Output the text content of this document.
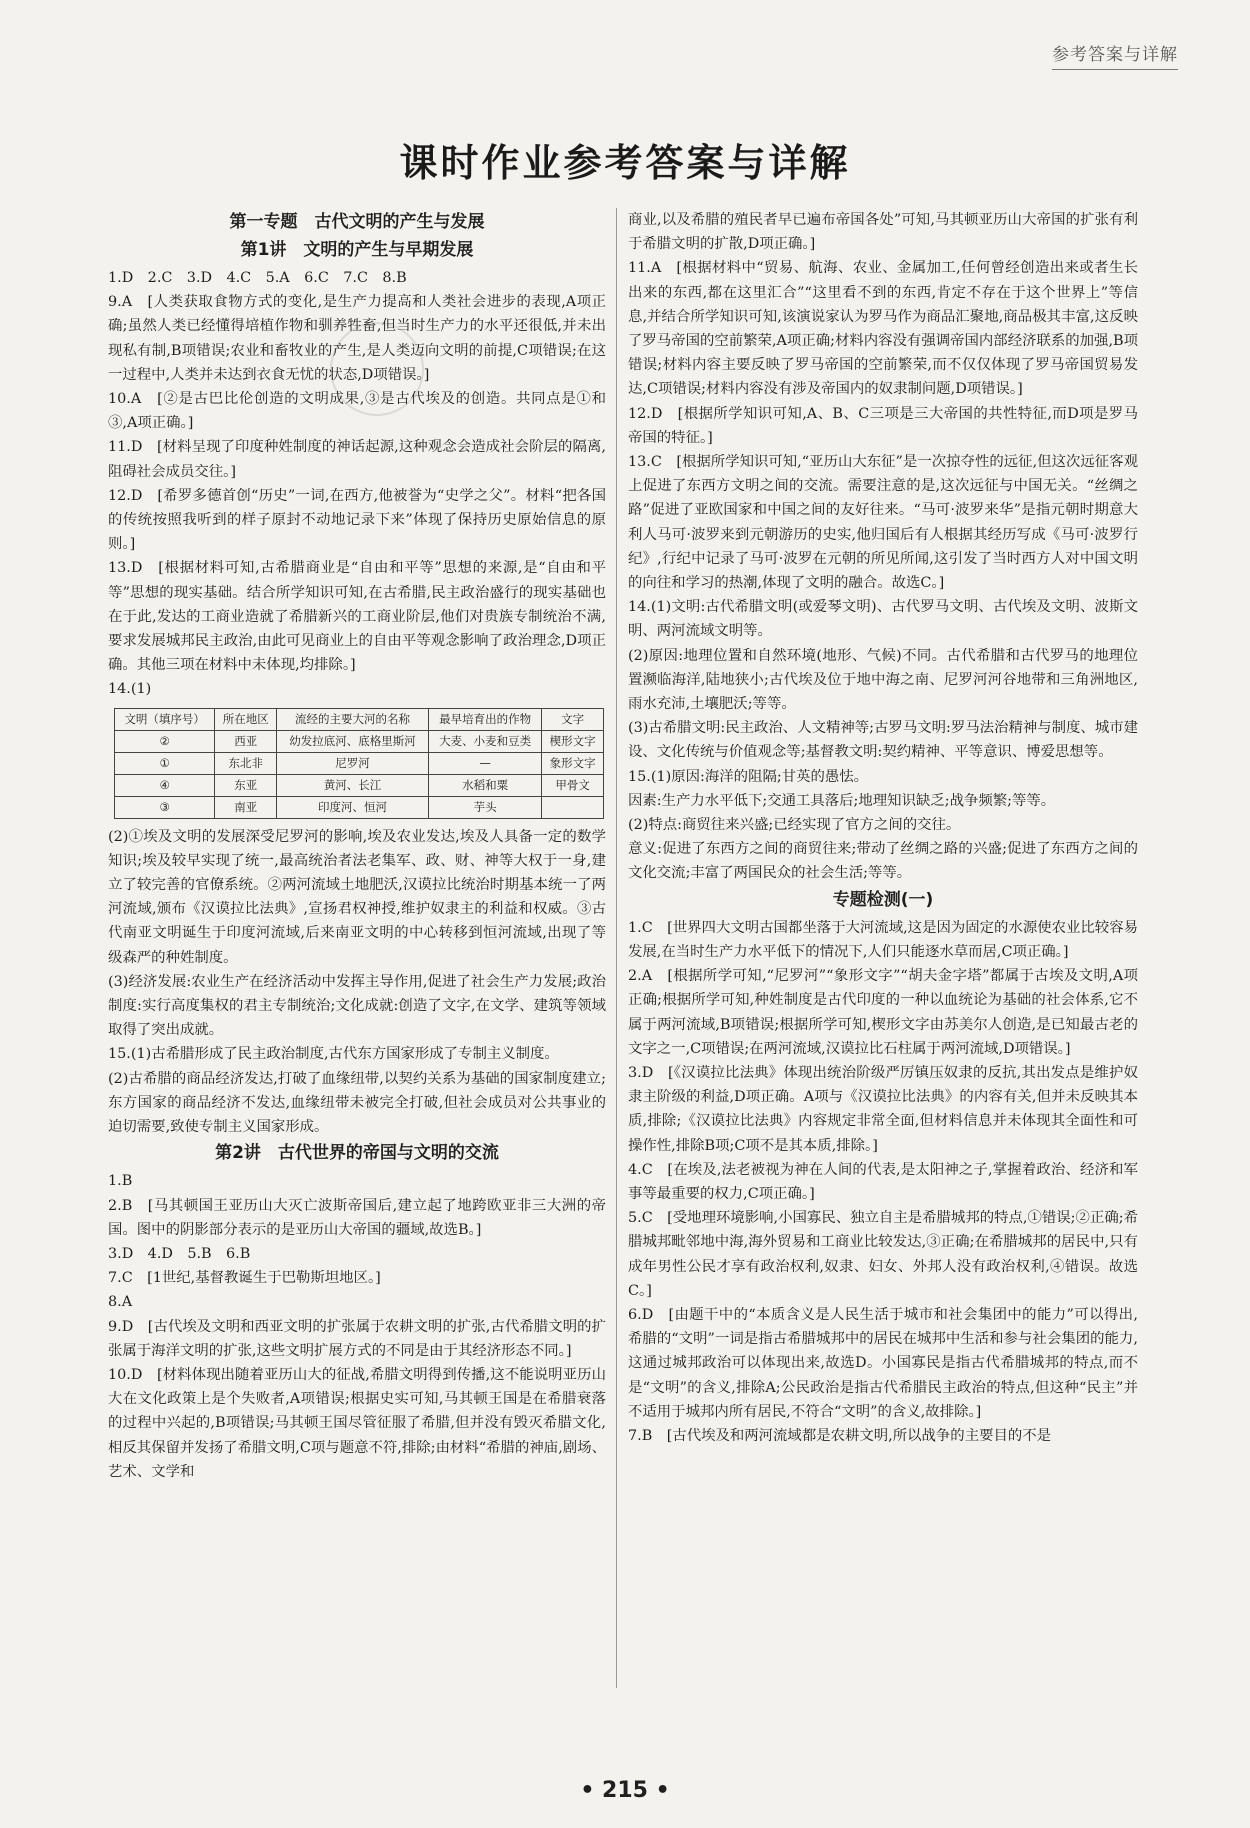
参考答案与详解
课时作业参考答案与详解
第一专题　古代文明的产生与发展
第1讲　文明的产生与早期发展

1.D　2.C　3.D　4.C　5.A　6.C　7.C　8.B

9.A　[人类获取食物方式的变化,是生产力提高和人类社会进步的表现,A项正确;虽然人类已经懂得培植作物和驯养牲畜,但当时生产力的水平还很低,并未出现私有制,B项错误;农业和畜牧业的产生,是人类迈向文明的前提,C项错误;在这一过程中,人类并未达到衣食无忧的状态,D项错误。]

10.A　[②是古巴比伦创造的文明成果,③是古代埃及的创造。共同点是①和③,A项正确。]

11.D　[材料呈现了印度种姓制度的神话起源,这种观念会造成社会阶层的隔离,阻碍社会成员交往。]

12.D　[希罗多德首创“历史”一词,在西方,他被誉为“史学之父”。材料“把各国的传统按照我听到的样子原封不动地记录下来”体现了保持历史原始信息的原则。]

13.D　[根据材料可知,古希腊商业是“自由和平等”思想的来源,是“自由和平等”思想的现实基础。结合所学知识可知,在古希腊,民主政治盛行的现实基础也在于此,发达的工商业造就了希腊新兴的工商业阶层,他们对贵族专制统治不满,要求发展城邦民主政治,由此可见商业上的自由平等观念影响了政治理念,D项正确。其他三项在材料中未体现,均排除。]

14.(1)

文明（填序号）	所在地区	流经的主要大河的名称	最早培育出的作物	文字
②	西亚	幼发拉底河、底格里斯河	大麦、小麦和豆类	楔形文字
①	东北非	尼罗河	—	象形文字
④	东亚	黄河、长江	水稻和粟	甲骨文
③	南亚	印度河、恒河	芋头	

(2)①埃及文明的发展深受尼罗河的影响,埃及农业发达,埃及人具备一定的数学知识;埃及较早实现了统一,最高统治者法老集军、政、财、神等大权于一身,建立了较完善的官僚系统。②两河流域土地肥沃,汉谟拉比统治时期基本统一了两河流域,颁布《汉谟拉比法典》,宣扬君权神授,维护奴隶主的利益和权威。③古代南亚文明诞生于印度河流域,后来南亚文明的中心转移到恒河流域,出现了等级森严的种姓制度。

(3)经济发展:农业生产在经济活动中发挥主导作用,促进了社会生产力发展;政治制度:实行高度集权的君主专制统治;文化成就:创造了文字,在文学、建筑等领域取得了突出成就。

15.(1)古希腊形成了民主政治制度,古代东方国家形成了专制主义制度。

(2)古希腊的商品经济发达,打破了血缘纽带,以契约关系为基础的国家制度建立;东方国家的商品经济不发达,血缘纽带未被完全打破,但社会成员对公共事业的迫切需要,致使专制主义国家形成。

第2讲　古代世界的帝国与文明的交流

1.B

2.B　[马其顿国王亚历山大灭亡波斯帝国后,建立起了地跨欧亚非三大洲的帝国。图中的阴影部分表示的是亚历山大帝国的疆域,故选B。]

3.D　4.D　5.B　6.B

7.C　[1世纪,基督教诞生于巴勒斯坦地区。]

8.A

9.D　[古代埃及文明和西亚文明的扩张属于农耕文明的扩张,古代希腊文明的扩张属于海洋文明的扩张,这些文明扩展方式的不同是由于其经济形态不同。]

10.D　[材料体现出随着亚历山大的征战,希腊文明得到传播,这不能说明亚历山大在文化政策上是个失败者,A项错误;根据史实可知,马其顿王国是在希腊衰落的过程中兴起的,B项错误;马其顿王国尽管征服了希腊,但并没有毁灭希腊文化,相反其保留并发扬了希腊文明,C项与题意不符,排除;由材料“希腊的神庙,剧场、艺术、文学和

商业,以及希腊的殖民者早已遍布帝国各处”可知,马其顿亚历山大帝国的扩张有利于希腊文明的扩散,D项正确。]

11.A　[根据材料中“贸易、航海、农业、金属加工,任何曾经创造出来或者生长出来的东西,都在这里汇合”“这里看不到的东西,肯定不存在于这个世界上”等信息,并结合所学知识可知,该演说家认为罗马作为商品汇聚地,商品极其丰富,这反映了罗马帝国的空前繁荣,A项正确;材料内容没有强调帝国内部经济联系的加强,B项错误;材料内容主要反映了罗马帝国的空前繁荣,而不仅仅体现了罗马帝国贸易发达,C项错误;材料内容没有涉及帝国内的奴隶制问题,D项错误。]

12.D　[根据所学知识可知,A、B、C三项是三大帝国的共性特征,而D项是罗马帝国的特征。]

13.C　[根据所学知识可知,“亚历山大东征”是一次掠夺性的远征,但这次远征客观上促进了东西方文明之间的交流。需要注意的是,这次远征与中国无关。“丝绸之路”促进了亚欧国家和中国之间的友好往来。“马可·波罗来华”是指元朝时期意大利人马可·波罗来到元朝游历的史实,他归国后有人根据其经历写成《马可·波罗行纪》,行纪中记录了马可·波罗在元朝的所见所闻,这引发了当时西方人对中国文明的向往和学习的热潮,体现了文明的融合。故选C。]

14.(1)文明:古代希腊文明(或爱琴文明)、古代罗马文明、古代埃及文明、波斯文明、两河流域文明等。

(2)原因:地理位置和自然环境(地形、气候)不同。古代希腊和古代罗马的地理位置濒临海洋,陆地狭小;古代埃及位于地中海之南、尼罗河河谷地带和三角洲地区,雨水充沛,土壤肥沃;等等。

(3)古希腊文明:民主政治、人文精神等;古罗马文明:罗马法治精神与制度、城市建设、文化传统与价值观念等;基督教文明:契约精神、平等意识、博爱思想等。

15.(1)原因:海洋的阻隔;甘英的愚怯。

因素:生产力水平低下;交通工具落后;地理知识缺乏;战争频繁;等等。

(2)特点:商贸往来兴盛;已经实现了官方之间的交往。

意义:促进了东西方之间的商贸往来;带动了丝绸之路的兴盛;促进了东西方之间的文化交流;丰富了两国民众的社会生活;等等。

专题检测(一)

1.C　[世界四大文明古国都坐落于大河流域,这是因为固定的水源使农业比较容易发展,在当时生产力水平低下的情况下,人们只能逐水草而居,C项正确。]

2.A　[根据所学可知,“尼罗河”“象形文字”“胡夫金字塔”都属于古埃及文明,A项正确;根据所学可知,种姓制度是古代印度的一种以血统论为基础的社会体系,它不属于两河流域,B项错误;根据所学可知,楔形文字由苏美尔人创造,是已知最古老的文字之一,C项错误;在两河流域,汉谟拉比石柱属于两河流域,D项错误。]

3.D　[《汉谟拉比法典》体现出统治阶级严厉镇压奴隶的反抗,其出发点是维护奴隶主阶级的利益,D项正确。A项与《汉谟拉比法典》的内容有关,但并未反映其本质,排除;《汉谟拉比法典》内容规定非常全面,但材料信息并未体现其全面性和可操作性,排除B项;C项不是其本质,排除。]

4.C　[在埃及,法老被视为神在人间的代表,是太阳神之子,掌握着政治、经济和军事等最重要的权力,C项正确。]

5.C　[受地理环境影响,小国寡民、独立自主是希腊城邦的特点,①错误;②正确;希腊城邦毗邻地中海,海外贸易和工商业比较发达,③正确;在希腊城邦的居民中,只有成年男性公民才享有政治权利,奴隶、妇女、外邦人没有政治权利,④错误。故选C。]

6.D　[由题干中的“本质含义是人民生活于城市和社会集团中的能力”可以得出,希腊的“文明”一词是指古希腊城邦中的居民在城邦中生活和参与社会集团的能力,这通过城邦政治可以体现出来,故选D。小国寡民是指古代希腊城邦的特点,而不是“文明”的含义,排除A;公民政治是指古代希腊民主政治的特点,但这种“民主”并不适用于城邦内所有居民,不符合“文明”的含义,故排除。]

7.B　[古代埃及和两河流域都是农耕文明,所以战争的主要目的不是

• 215 •
